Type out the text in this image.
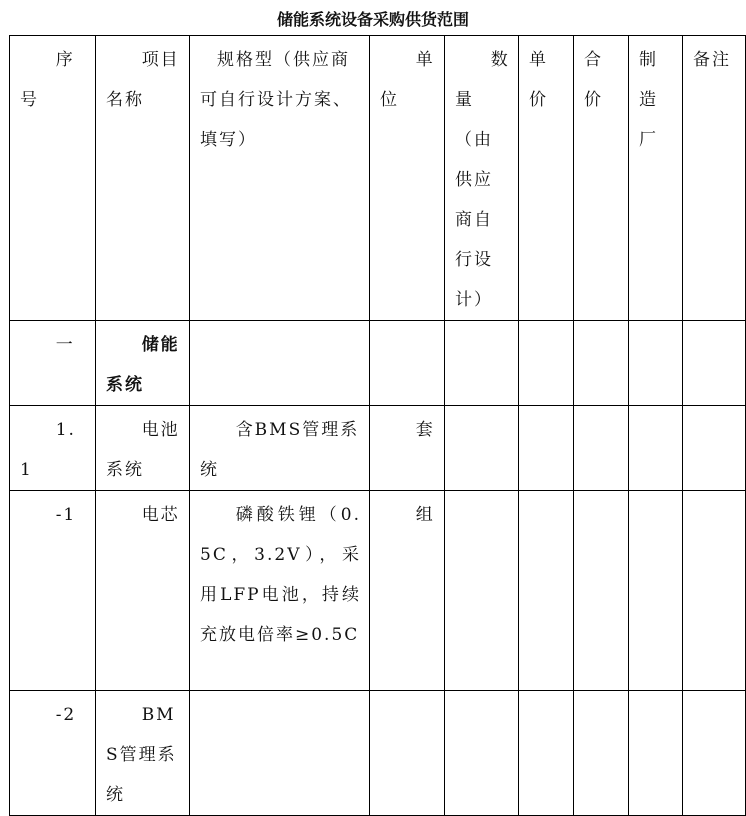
储能系统设备采购供货范围
序号	项目名称	规格型（供应商可自行设计方案、填写）	单位	数量（由供应商自行设计）	单价	合价	制造厂	备注
一	储能系统							
1.1	电池系统	含BMS管理系统	套					
-1	电芯	磷酸铁锂（0.5C，3.2V），采用LFP电池，持续充放电倍率≥0.5C	组					
-2	BMS管理系统							
